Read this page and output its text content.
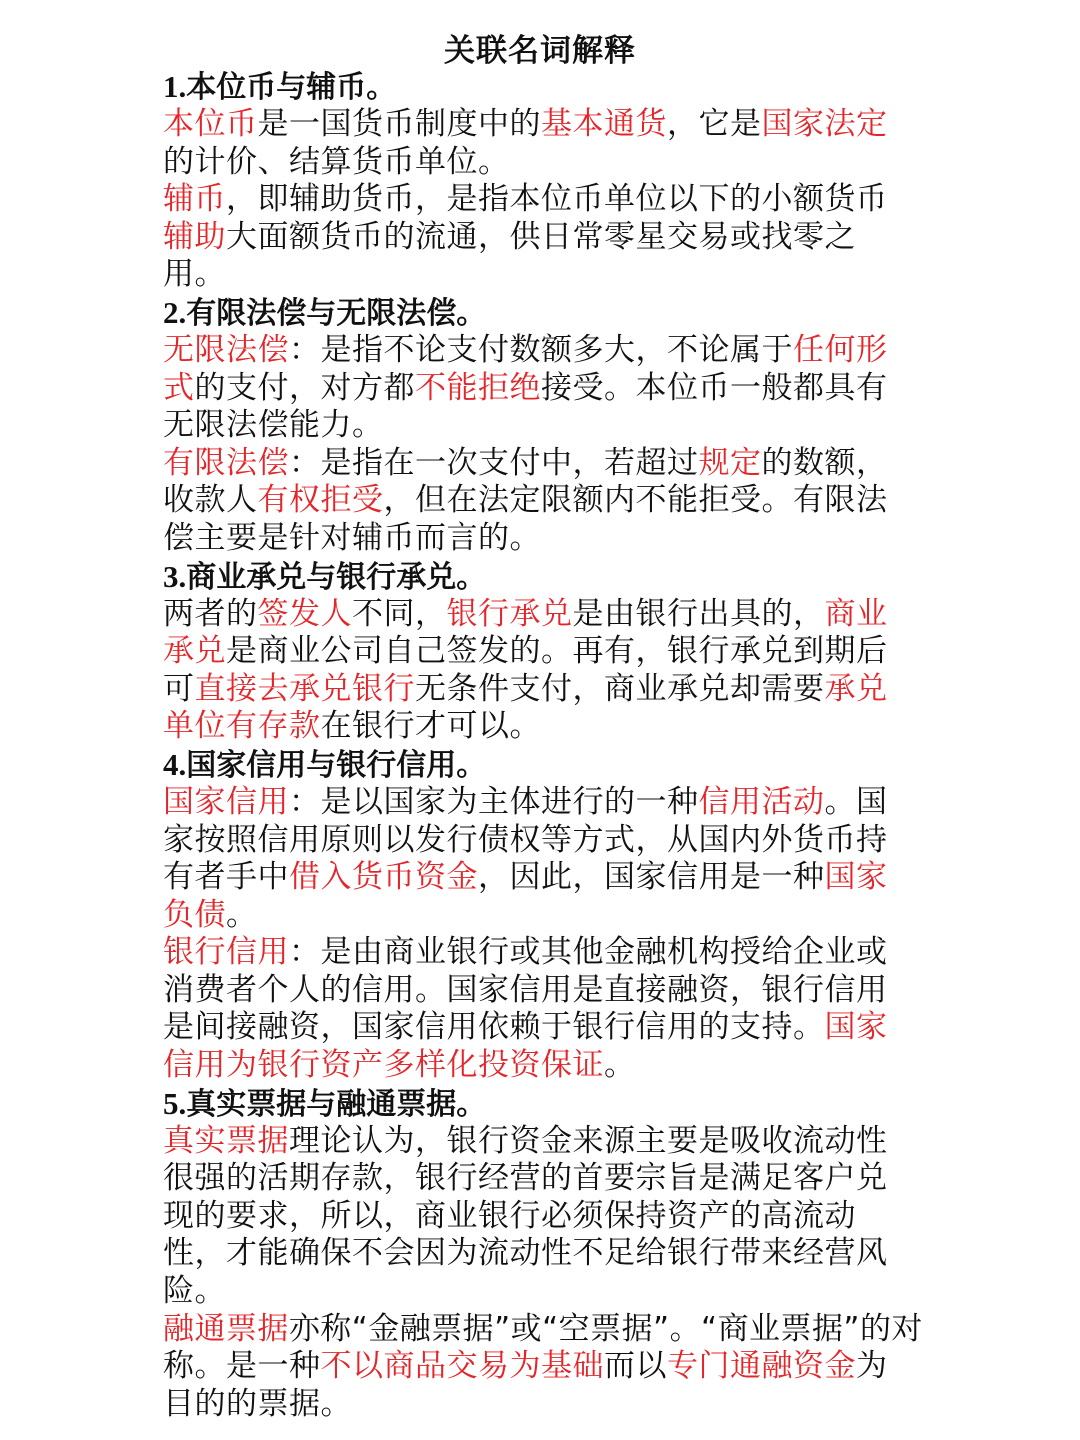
关联名词解释
1.本位币与辅币。
本位币是一国货币制度中的基本通货，它是国家法定
的计价、结算货币单位。
辅币，即辅助货币，是指本位币单位以下的小额货币
辅助大面额货币的流通，供日常零星交易或找零之
用。
2.有限法偿与无限法偿。
无限法偿：是指不论支付数额多大，不论属于任何形
式的支付，对方都不能拒绝接受。本位币一般都具有
无限法偿能力。
有限法偿：是指在一次支付中，若超过规定的数额，
收款人有权拒受，但在法定限额内不能拒受。有限法
偿主要是针对辅币而言的。
3.商业承兑与银行承兑。
两者的签发人不同，银行承兑是由银行出具的，商业
承兑是商业公司自己签发的。再有，银行承兑到期后
可直接去承兑银行无条件支付，商业承兑却需要承兑
单位有存款在银行才可以。
4.国家信用与银行信用。
国家信用：是以国家为主体进行的一种信用活动。国
家按照信用原则以发行债权等方式，从国内外货币持
有者手中借入货币资金，因此，国家信用是一种国家
负债。
银行信用：是由商业银行或其他金融机构授给企业或
消费者个人的信用。国家信用是直接融资，银行信用
是间接融资，国家信用依赖于银行信用的支持。国家
信用为银行资产多样化投资保证。
5.真实票据与融通票据。
真实票据理论认为，银行资金来源主要是吸收流动性
很强的活期存款，银行经营的首要宗旨是满足客户兑
现的要求，所以，商业银行必须保持资产的高流动
性，才能确保不会因为流动性不足给银行带来经营风
险。
融通票据亦称“金融票据”或“空票据”。“商业票据”的对
称。是一种不以商品交易为基础而以专门通融资金为
目的的票据。
